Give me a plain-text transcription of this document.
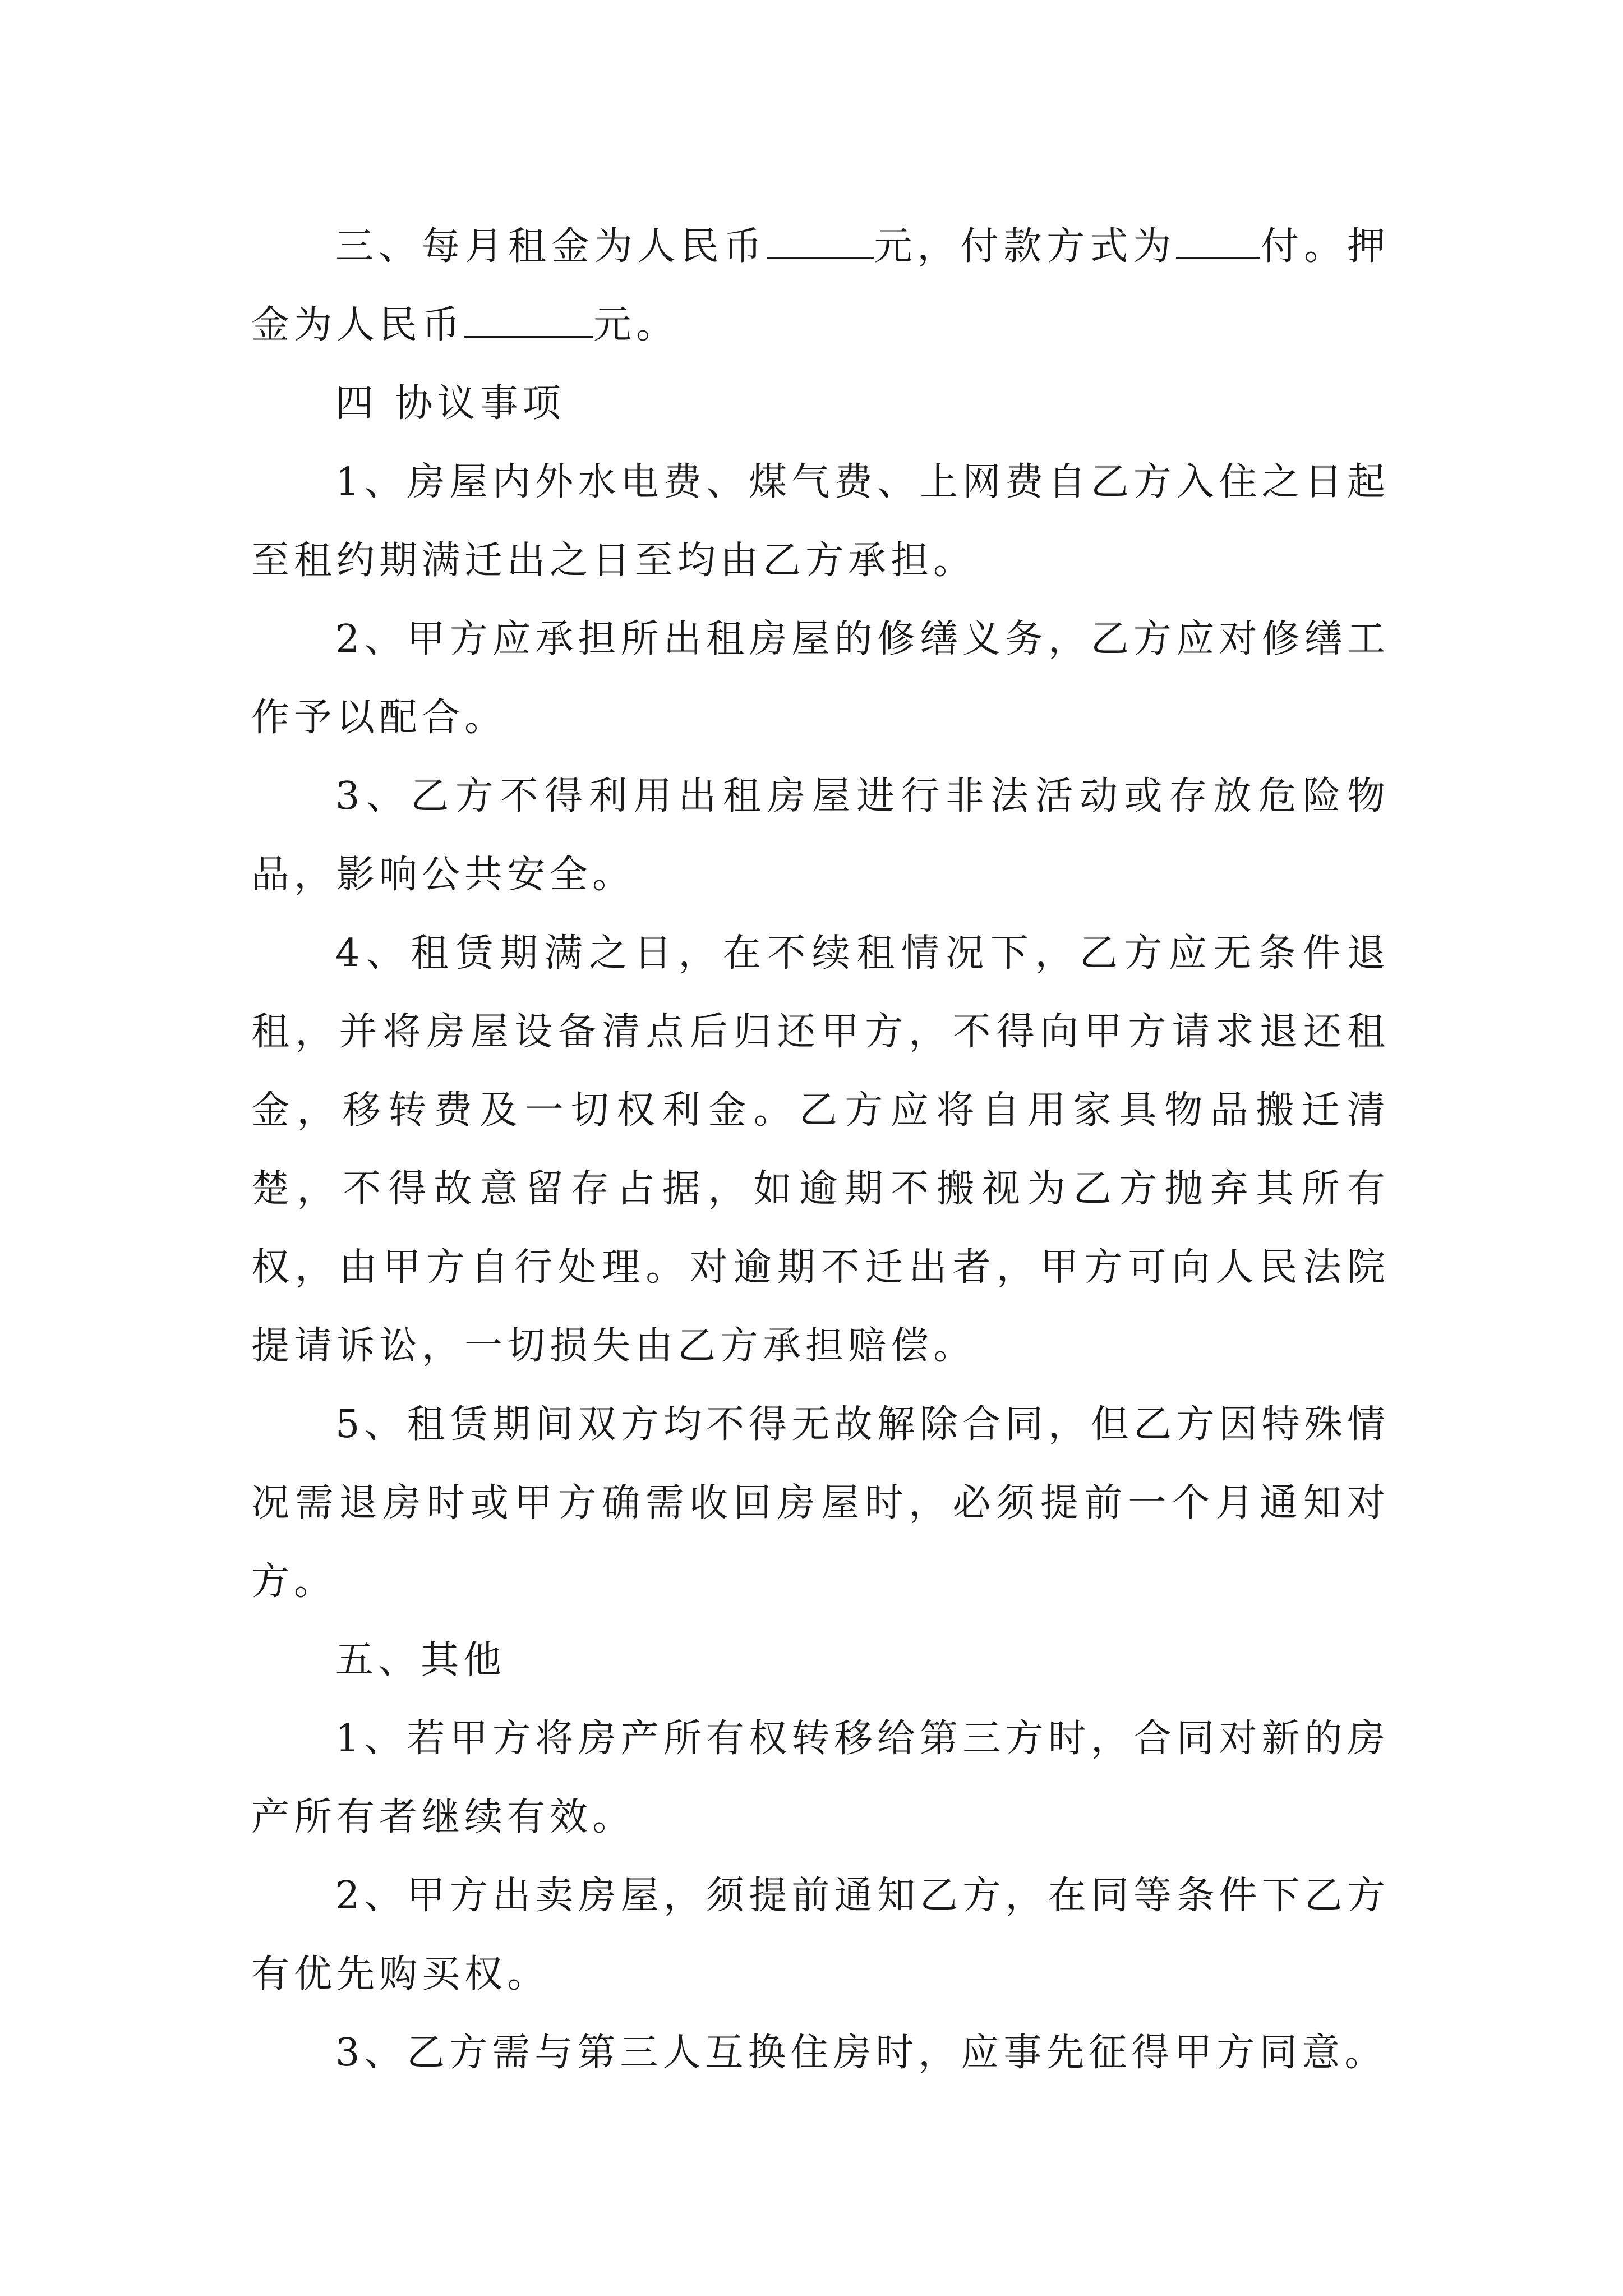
三、每月租金为人民币	元，付款方式为 付。押金为人民币	元。

四 协议事项

1、房屋内外水电费、煤气费、上网费自乙方入住之日起至租约期满迁出之日至均由乙方承担。

2、甲方应承担所出租房屋的修缮义务，乙方应对修缮工作予以配合。

3、乙方不得利用出租房屋进行非法活动或存放危险物品，影响公共安全。

4、租赁期满之日，在不续租情况下，乙方应无条件退租，并将房屋设备清点后归还甲方，不得向甲方请求退还租金，移转费及一切权利金。乙方应将自用家具物品搬迁清楚，不得故意留存占据，如逾期不搬视为乙方抛弃其所有权，由甲方自行处理。对逾期不迁出者，甲方可向人民法院提请诉讼，一切损失由乙方承担赔偿。

5、租赁期间双方均不得无故解除合同，但乙方因特殊情况需退房时或甲方确需收回房屋时，必须提前一个月通知对方。

五、其他

1、若甲方将房产所有权转移给第三方时，合同对新的房产所有者继续有效。

2、甲方出卖房屋，须提前通知乙方，在同等条件下乙方有优先购买权。

3、乙方需与第三人互换住房时，应事先征得甲方同意。
